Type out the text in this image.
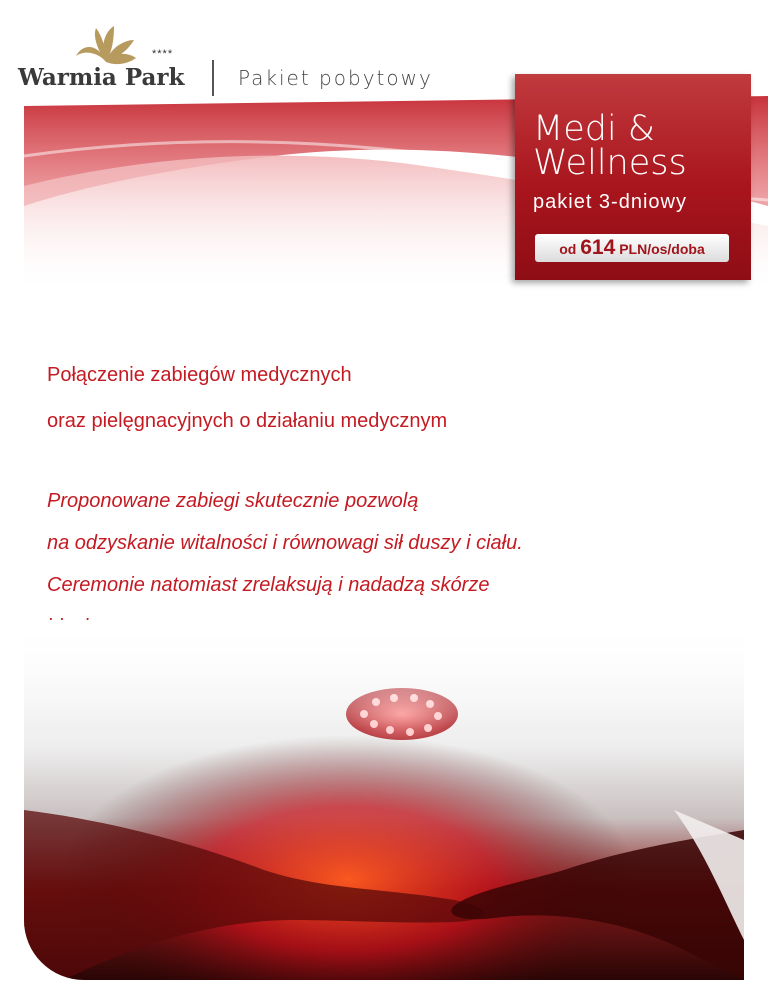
****
Warmia Park	Pakiet pobytowy
Medi &
Wellness
pakiet 3-dniowy
od 614 PLN/os/doba
Połączenie zabiegów medycznych
oraz pielęgnacyjnych o działaniu medycznym
Proponowane zabiegi skutecznie pozwolą
na odzyskanie witalności i równowagi sił duszy i ciału.
Ceremonie natomiast zrelaksują i nadadzą skórze
